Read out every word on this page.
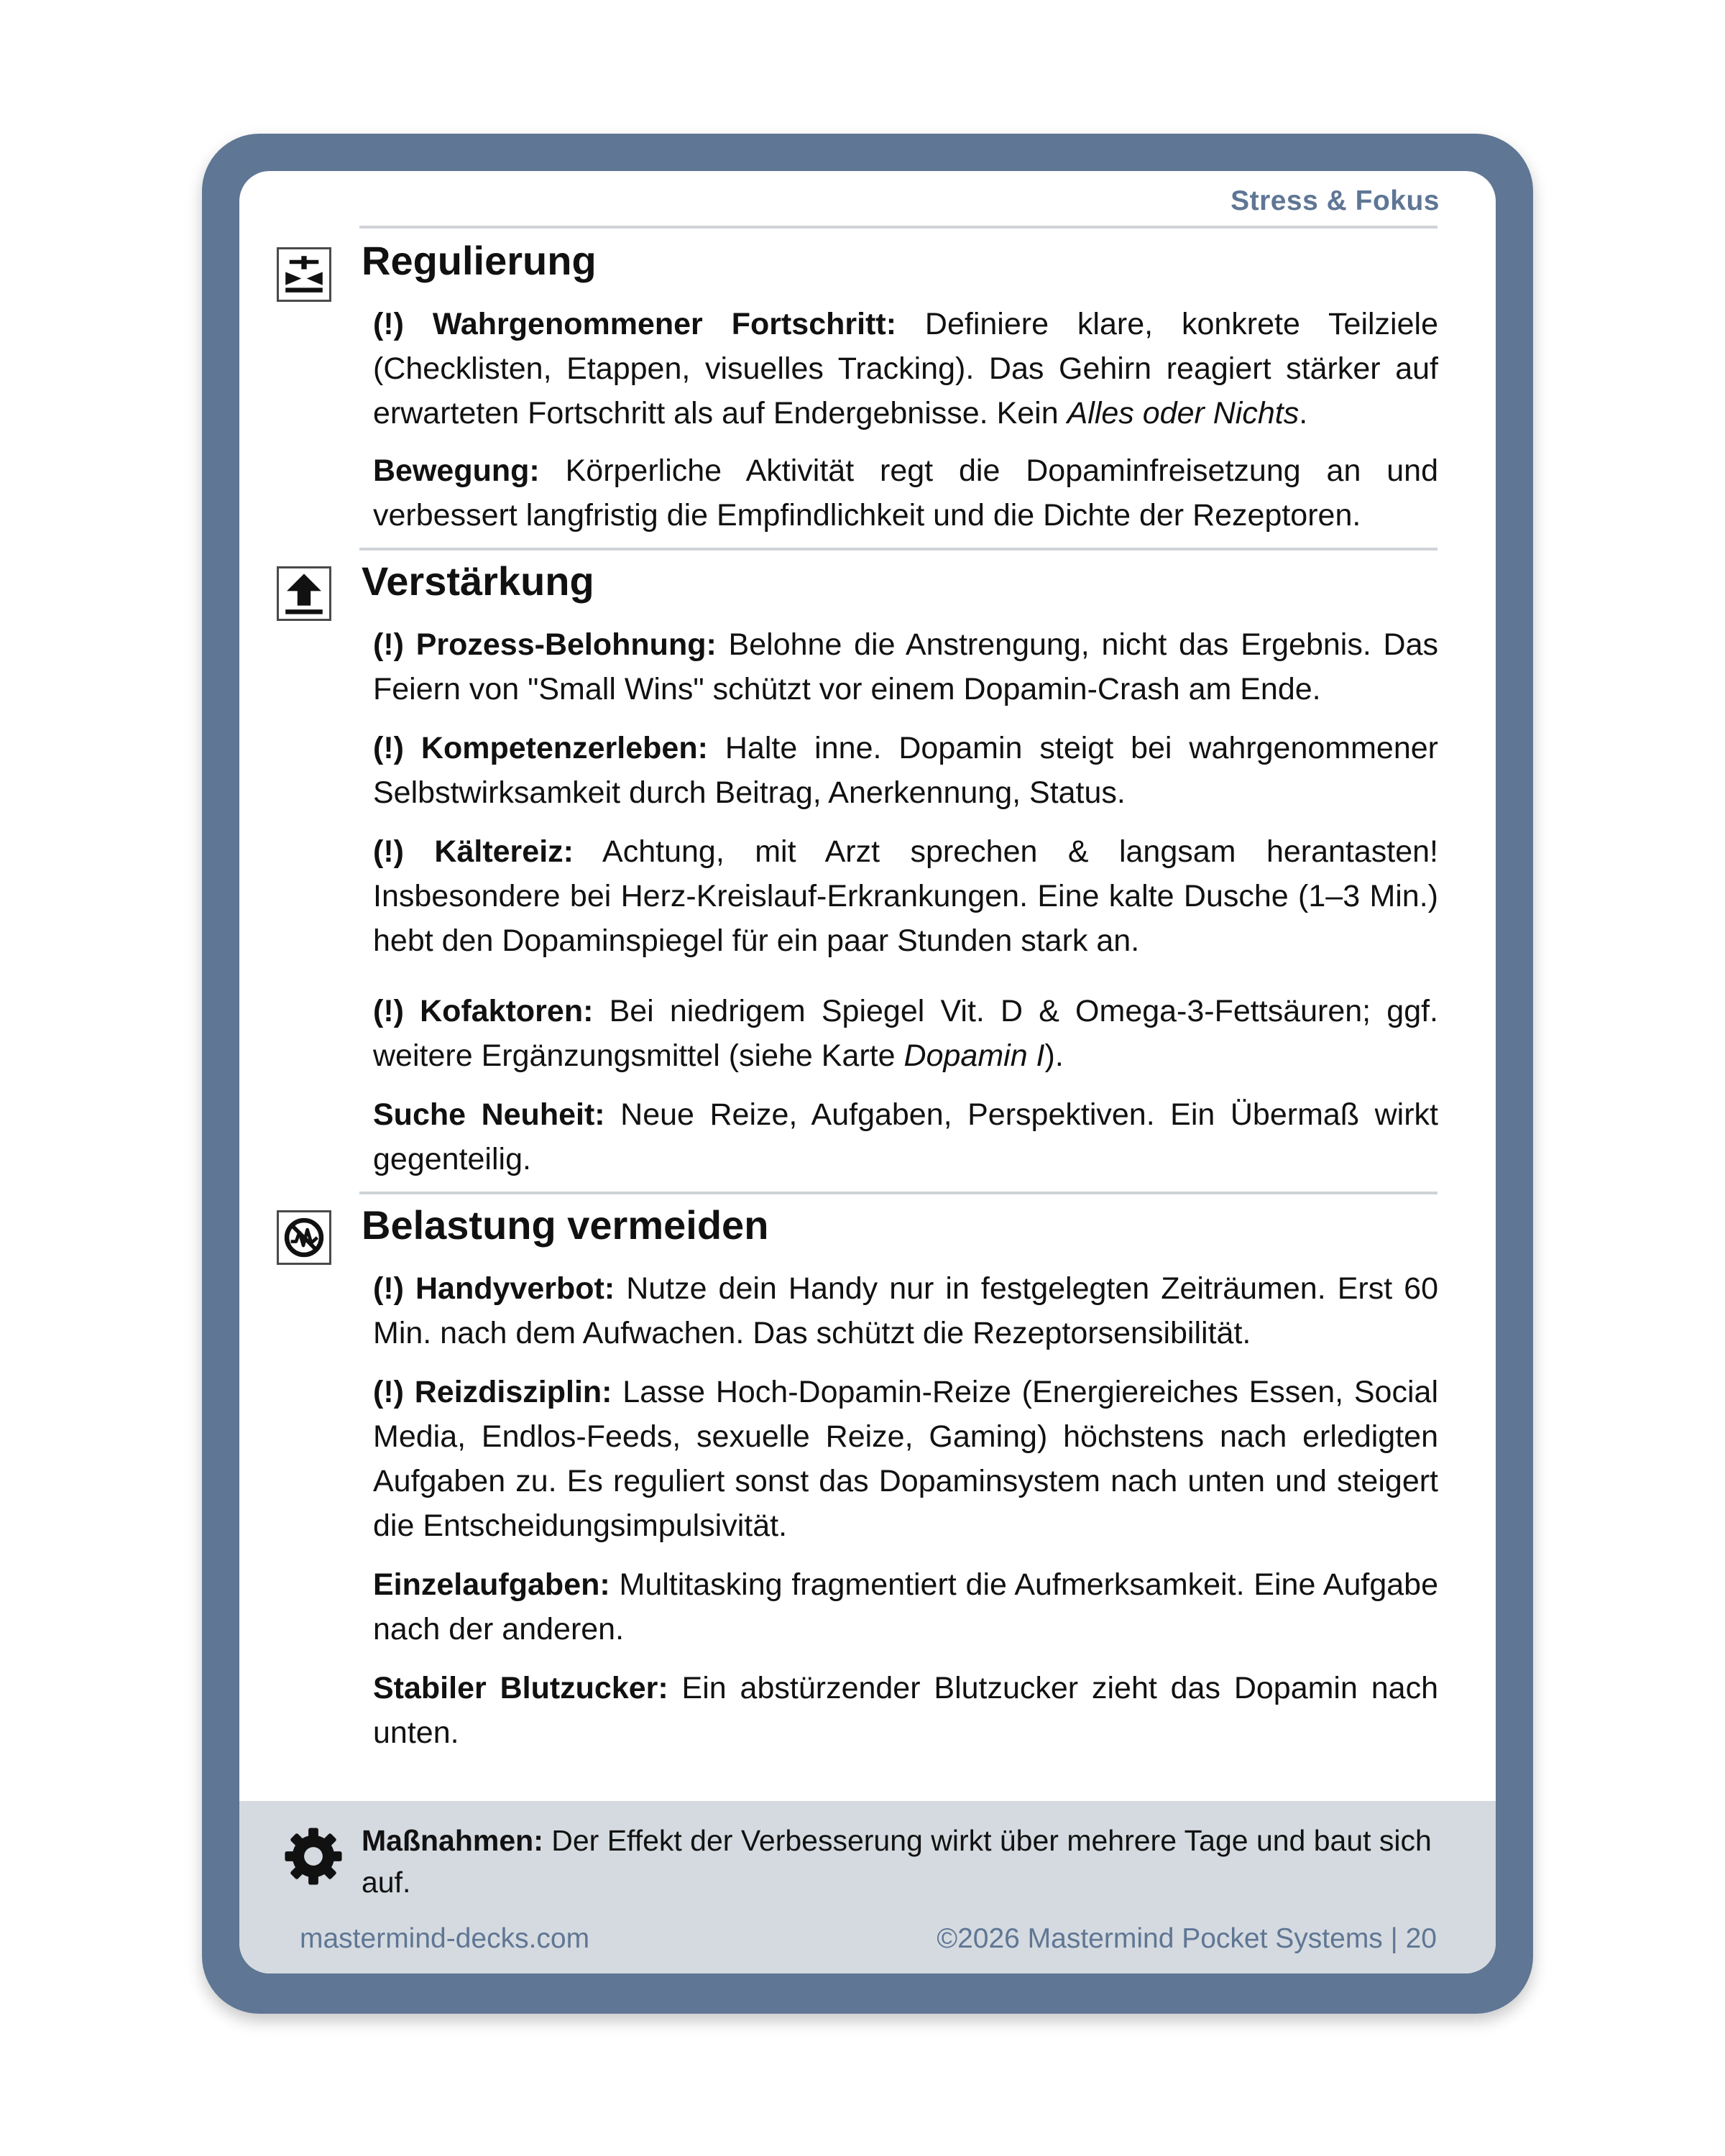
Stress & Fokus
Regulierung
(!) Wahrgenommener Fortschritt: Definiere klare, konkrete Teilziele (Checklisten, Etappen, visuelles Tracking). Das Gehirn reagiert stärker auf erwarteten Fortschritt als auf Endergebnisse. Kein Alles oder Nichts.
Bewegung: Körperliche Aktivität regt die Dopaminfreisetzung an und verbessert langfristig die Empfindlichkeit und die Dichte der Rezeptoren.
Verstärkung
(!) Prozess-Belohnung: Belohne die Anstrengung, nicht das Ergebnis. Das Feiern von "Small Wins" schützt vor einem Dopamin-Crash am Ende.
(!) Kompetenzerleben: Halte inne. Dopamin steigt bei wahrgenommener Selbstwirksamkeit durch Beitrag, Anerkennung, Status.
(!) Kältereiz: Achtung, mit Arzt sprechen & langsam herantasten! Insbesondere bei Herz-Kreislauf-Erkrankungen. Eine kalte Dusche (1–3 Min.) hebt den Dopaminspiegel für ein paar Stunden stark an.
(!) Kofaktoren: Bei niedrigem Spiegel Vit. D & Omega-3-Fettsäuren; ggf. weitere Ergänzungsmittel (siehe Karte Dopamin I).
Suche Neuheit: Neue Reize, Aufgaben, Perspektiven. Ein Übermaß wirkt gegenteilig.
Belastung vermeiden
(!) Handyverbot: Nutze dein Handy nur in festgelegten Zeiträumen. Erst 60 Min. nach dem Aufwachen. Das schützt die Rezeptorsensibilität.
(!) Reizdisziplin: Lasse Hoch-Dopamin-Reize (Energiereiches Essen, Social Media, Endlos-Feeds, sexuelle Reize, Gaming) höchstens nach erledigten Aufgaben zu. Es reguliert sonst das Dopaminsystem nach unten und steigert die Entscheidungsimpulsivität.
Einzelaufgaben: Multitasking fragmentiert die Aufmerksamkeit. Eine Aufgabe nach der anderen.
Stabiler Blutzucker: Ein abstürzender Blutzucker zieht das Dopamin nach unten.
Maßnahmen: Der Effekt der Verbesserung wirkt über mehrere Tage und baut sich auf.
mastermind-decks.com	©2026 Mastermind Pocket Systems | 20
